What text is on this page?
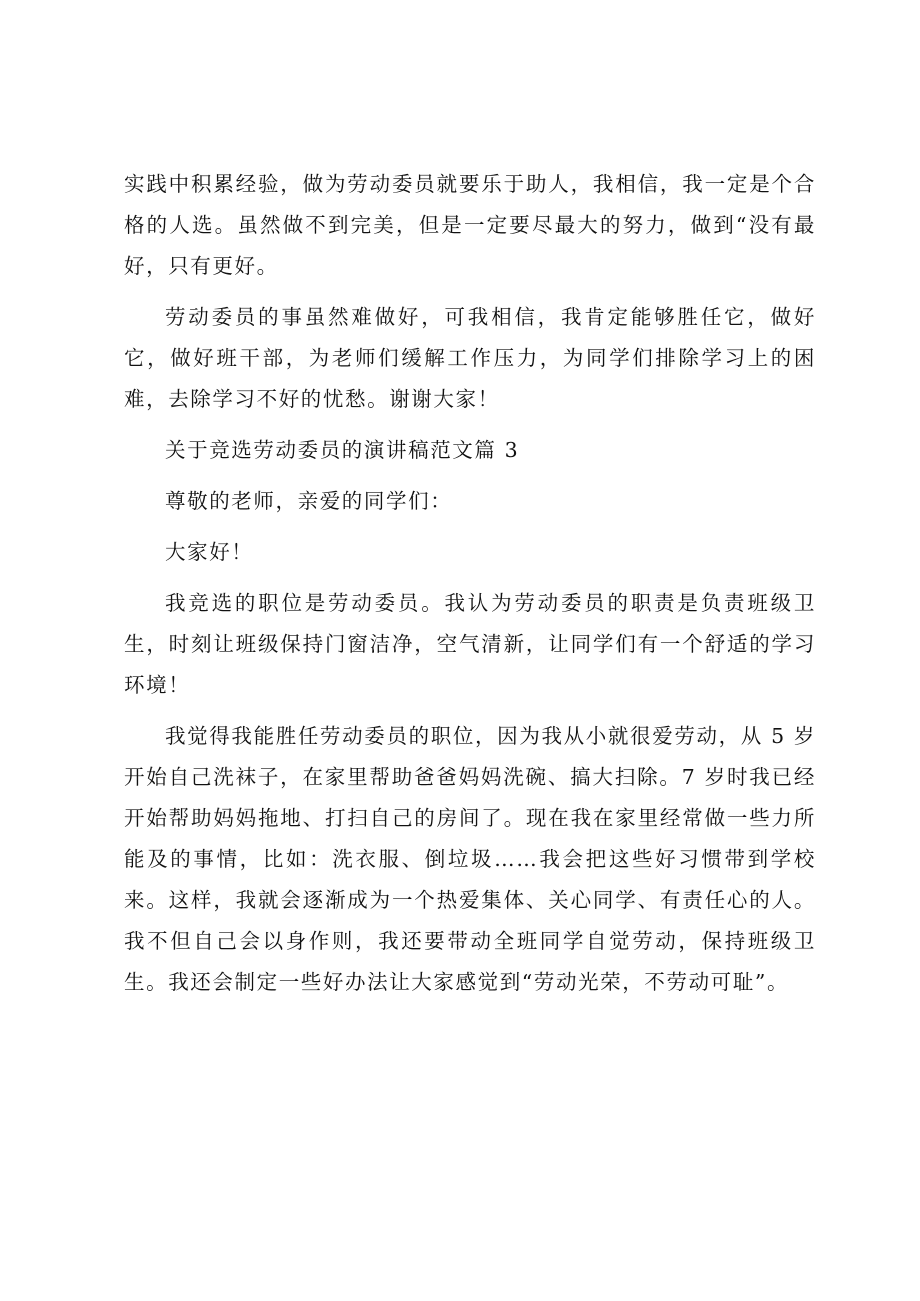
实践中积累经验，做为劳动委员就要乐于助人，我相信，我一定是个合格的人选。虽然做不到完美，但是一定要尽最大的努力，做到“没有最好，只有更好。

劳动委员的事虽然难做好，可我相信，我肯定能够胜任它，做好它，做好班干部，为老师们缓解工作压力，为同学们排除学习上的困难，去除学习不好的忧愁。谢谢大家！

关于竞选劳动委员的演讲稿范文篇 3

尊敬的老师，亲爱的同学们：

大家好！

我竞选的职位是劳动委员。我认为劳动委员的职责是负责班级卫生，时刻让班级保持门窗洁净，空气清新，让同学们有一个舒适的学习环境！

我觉得我能胜任劳动委员的职位，因为我从小就很爱劳动，从 5 岁开始自己洗袜子，在家里帮助爸爸妈妈洗碗、搞大扫除。7 岁时我已经开始帮助妈妈拖地、打扫自己的房间了。现在我在家里经常做一些力所能及的事情，比如：洗衣服、倒垃圾……我会把这些好习惯带到学校来。这样，我就会逐渐成为一个热爱集体、关心同学、有责任心的人。我不但自己会以身作则，我还要带动全班同学自觉劳动，保持班级卫生。我还会制定一些好办法让大家感觉到“劳动光荣，不劳动可耻”。
